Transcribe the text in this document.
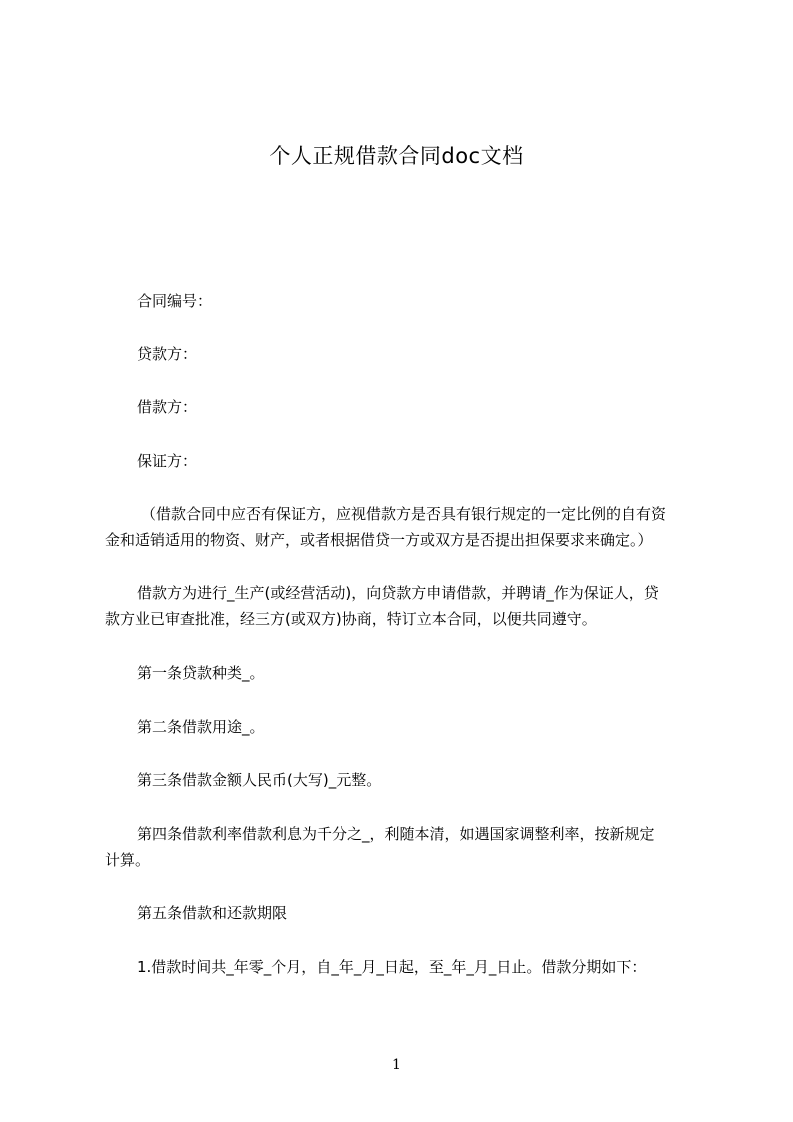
个人正规借款合同doc文档
合同编号：
贷款方：
借款方：
保证方：
（借款合同中应否有保证方，应视借款方是否具有银行规定的一定比例的自有资
金和适销适用的物资、财产，或者根据借贷一方或双方是否提出担保要求来确定。）
借款方为进行_生产(或经营活动)，向贷款方申请借款，并聘请_作为保证人，贷
款方业已审查批准，经三方(或双方)协商，特订立本合同，以便共同遵守。
第一条贷款种类_。
第二条借款用途_。
第三条借款金额人民币(大写)_元整。
第四条借款利率借款利息为千分之_，利随本清，如遇国家调整利率，按新规定
计算。
第五条借款和还款期限
1.借款时间共_年零_个月，自_年_月_日起，至_年_月_日止。借款分期如下：
1
